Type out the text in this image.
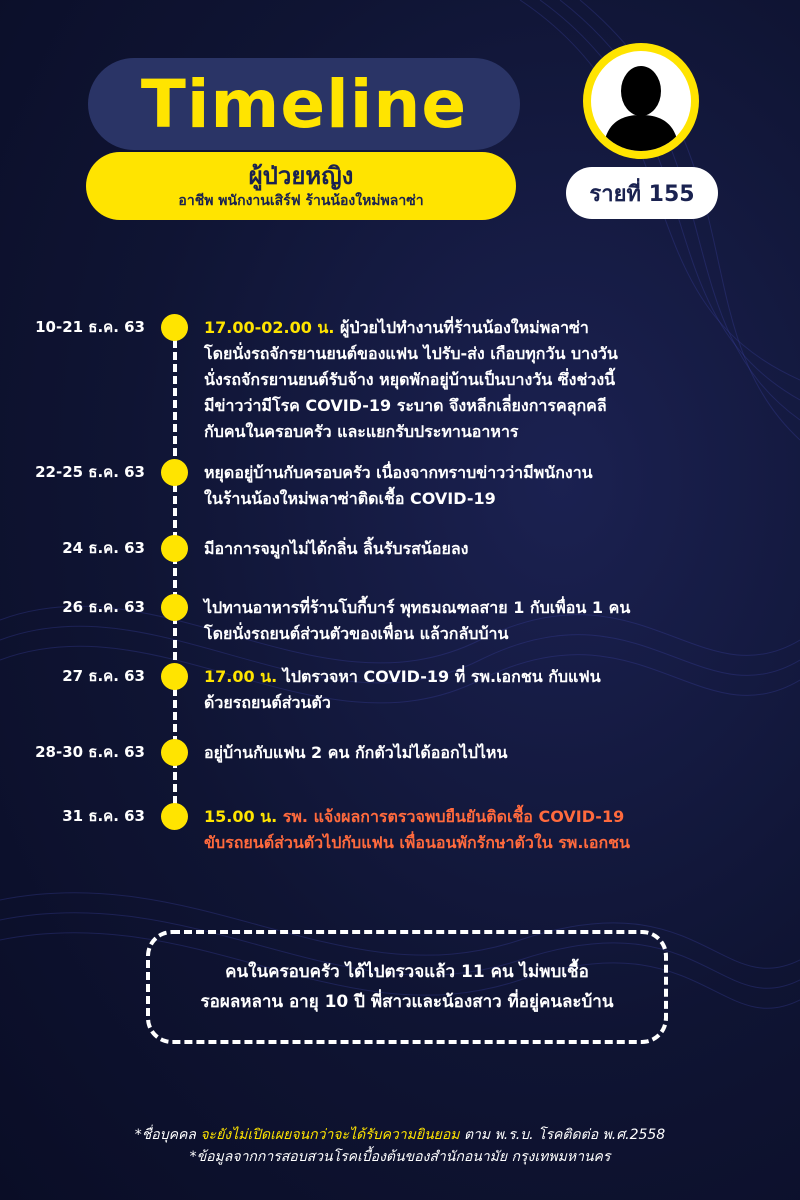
Timeline
ผู้ป่วยหญิง
อาชีพ พนักงานเสิร์ฟ ร้านน้องใหม่พลาซ่า	รายที่ 155
10-21 ธ.ค. 63	17.00-02.00 น. ผู้ป่วยไปทำงานที่ร้านน้องใหม่พลาซ่า
โดยนั่งรถจักรยานยนต์ของแฟน ไปรับ-ส่ง เกือบทุกวัน บางวัน
นั่งรถจักรยานยนต์รับจ้าง หยุดพักอยู่บ้านเป็นบางวัน ซึ่งช่วงนี้
มีข่าวว่ามีโรค COVID-19 ระบาด จึงหลีกเลี่ยงการคลุกคลี
กับคนในครอบครัว และแยกรับประทานอาหาร
22-25 ธ.ค. 63	หยุดอยู่บ้านกับครอบครัว เนื่องจากทราบข่าวว่ามีพนักงาน
ในร้านน้องใหม่พลาซ่าติดเชื้อ COVID-19
24 ธ.ค. 63	มีอาการจมูกไม่ได้กลิ่น ลิ้นรับรสน้อยลง
26 ธ.ค. 63	ไปทานอาหารที่ร้านโบกี้บาร์ พุทธมณฑลสาย 1 กับเพื่อน 1 คน
โดยนั่งรถยนต์ส่วนตัวของเพื่อน แล้วกลับบ้าน
27 ธ.ค. 63	17.00 น. ไปตรวจหา COVID-19 ที่ รพ.เอกชน กับแฟน
ด้วยรถยนต์ส่วนตัว
28-30 ธ.ค. 63	อยู่บ้านกับแฟน 2 คน กักตัวไม่ได้ออกไปไหน
31 ธ.ค. 63	15.00 น. รพ. แจ้งผลการตรวจพบยืนยันติดเชื้อ COVID-19
ขับรถยนต์ส่วนตัวไปกับแฟน เพื่อนอนพักรักษาตัวใน รพ.เอกชน
คนในครอบครัว ได้ไปตรวจแล้ว 11 คน ไม่พบเชื้อ
รอผลหลาน อายุ 10 ปี พี่สาวและน้องสาว ที่อยู่คนละบ้าน
*ชื่อบุคคล จะยังไม่เปิดเผยจนกว่าจะได้รับความยินยอม ตาม พ.ร.บ. โรคติดต่อ พ.ศ.2558
*ข้อมูลจากการสอบสวนโรคเบื้องต้นของสำนักอนามัย กรุงเทพมหานคร
